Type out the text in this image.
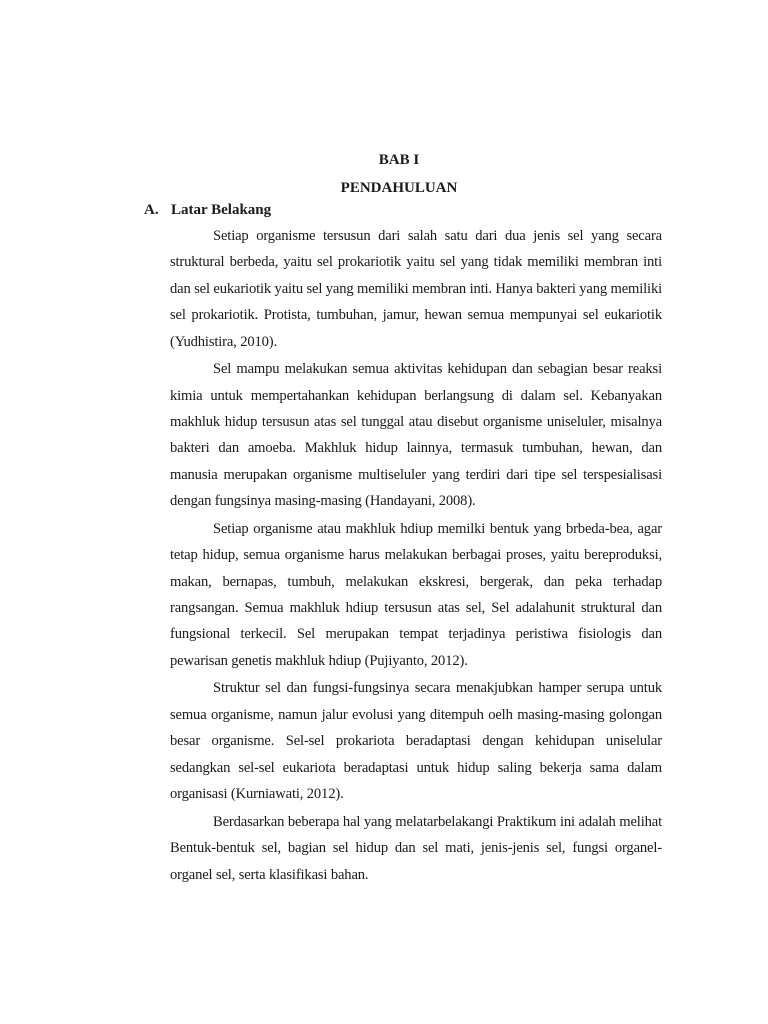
BAB I
PENDAHULUAN
A. Latar Belakang

Setiap organisme tersusun dari salah satu dari dua jenis sel yang secara struktural berbeda, yaitu sel prokariotik yaitu sel yang tidak memiliki membran inti dan sel eukariotik yaitu sel yang memiliki membran inti. Hanya bakteri yang memiliki sel prokariotik. Protista, tumbuhan, jamur, hewan semua mempunyai sel eukariotik (Yudhistira, 2010).

Sel mampu melakukan semua aktivitas kehidupan dan sebagian besar reaksi kimia untuk mempertahankan kehidupan berlangsung di dalam sel. Kebanyakan makhluk hidup tersusun atas sel tunggal atau disebut organisme uniseluler, misalnya bakteri dan amoeba. Makhluk hidup lainnya, termasuk tumbuhan, hewan, dan manusia merupakan organisme multiseluler yang terdiri dari tipe sel terspesialisasi dengan fungsinya masing-masing (Handayani, 2008).

Setiap organisme atau makhluk hdiup memilki bentuk yang brbeda-bea, agar tetap hidup, semua organisme harus melakukan berbagai proses, yaitu bereproduksi, makan, bernapas, tumbuh, melakukan ekskresi, bergerak, dan peka terhadap rangsangan. Semua makhluk hdiup tersusun atas sel, Sel adalahunit struktural dan fungsional terkecil. Sel merupakan tempat terjadinya peristiwa fisiologis dan pewarisan genetis makhluk hdiup (Pujiyanto, 2012).

Struktur sel dan fungsi-fungsinya secara menakjubkan hamper serupa untuk semua organisme, namun jalur evolusi yang ditempuh oelh masing-masing golongan besar organisme. Sel-sel prokariota beradaptasi dengan kehidupan uniselular sedangkan sel-sel eukariota beradaptasi untuk hidup saling bekerja sama dalam organisasi (Kurniawati, 2012).

Berdasarkan beberapa hal yang melatarbelakangi Praktikum ini adalah melihat Bentuk-bentuk sel, bagian sel hidup dan sel mati, jenis-jenis sel, fungsi organel-organel sel, serta klasifikasi bahan.
